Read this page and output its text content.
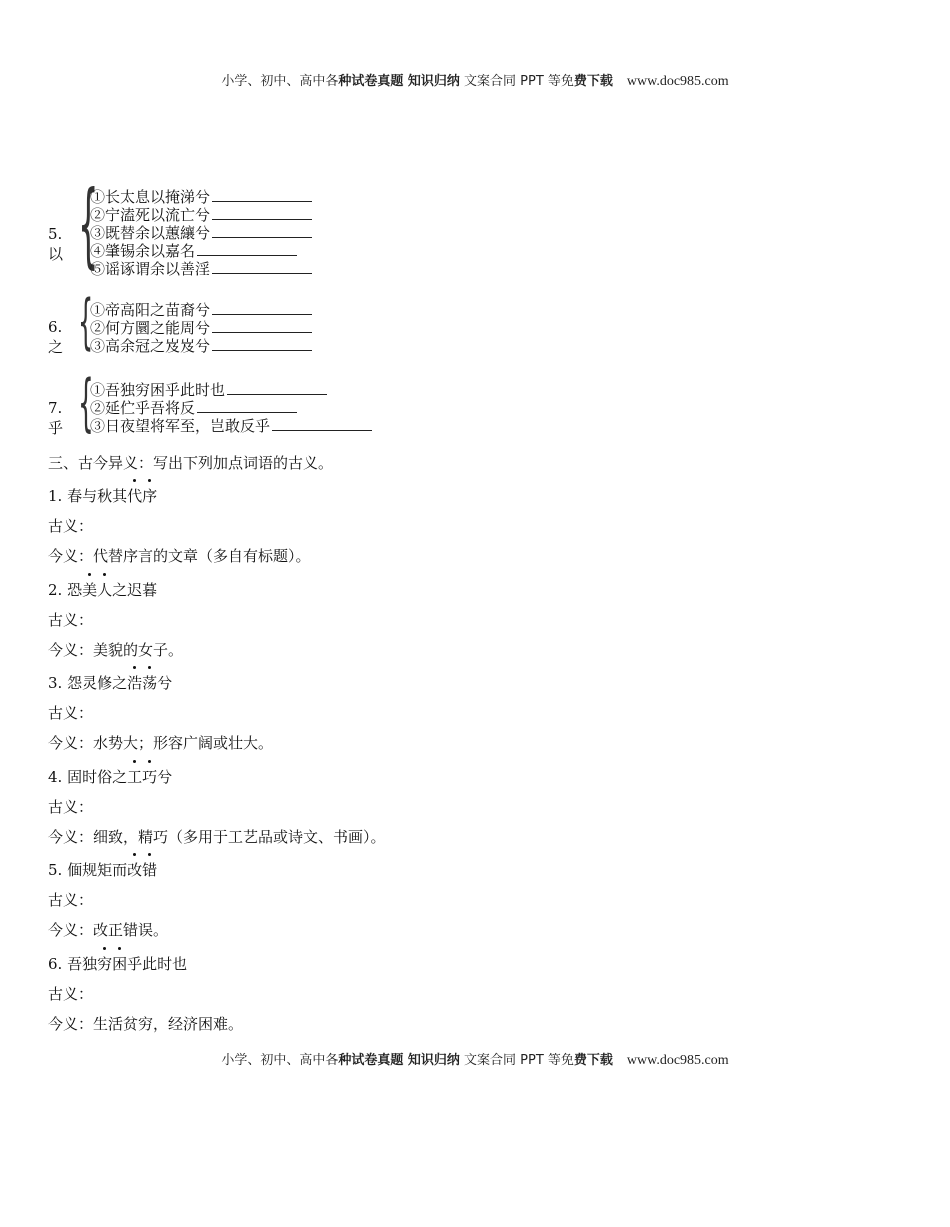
小学、初中、高中各种试卷真题 知识归纳 文案合同 PPT 等免费下载 www.doc985.com
5. 以 {
①长太息以掩涕兮
②宁溘死以流亡兮
③既替余以蕙纕兮
④肇锡余以嘉名
⑤谣诼谓余以善淫
6. 之 {
①帝高阳之苗裔兮
②何方圜之能周兮
③高余冠之岌岌兮
7. 乎 {
①吾独穷困乎此时也
②延伫乎吾将反
③日夜望将军至，岂敢反乎
三、古今异义：写出下列加点词语的古义。
1. 春与秋其代序
古义：
今义：代替序言的文章（多自有标题）。
2. 恐美人之迟暮
古义：
今义：美貌的女子。
3. 怨灵修之浩荡兮
古义：
今义：水势大；形容广阔或壮大。
4. 固时俗之工巧兮
古义：
今义：细致，精巧（多用于工艺品或诗文、书画）。
5. 偭规矩而改错
古义：
今义：改正错误。
6. 吾独穷困乎此时也
古义：
今义：生活贫穷，经济困难。
小学、初中、高中各种试卷真题 知识归纳 文案合同 PPT 等免费下载 www.doc985.com
